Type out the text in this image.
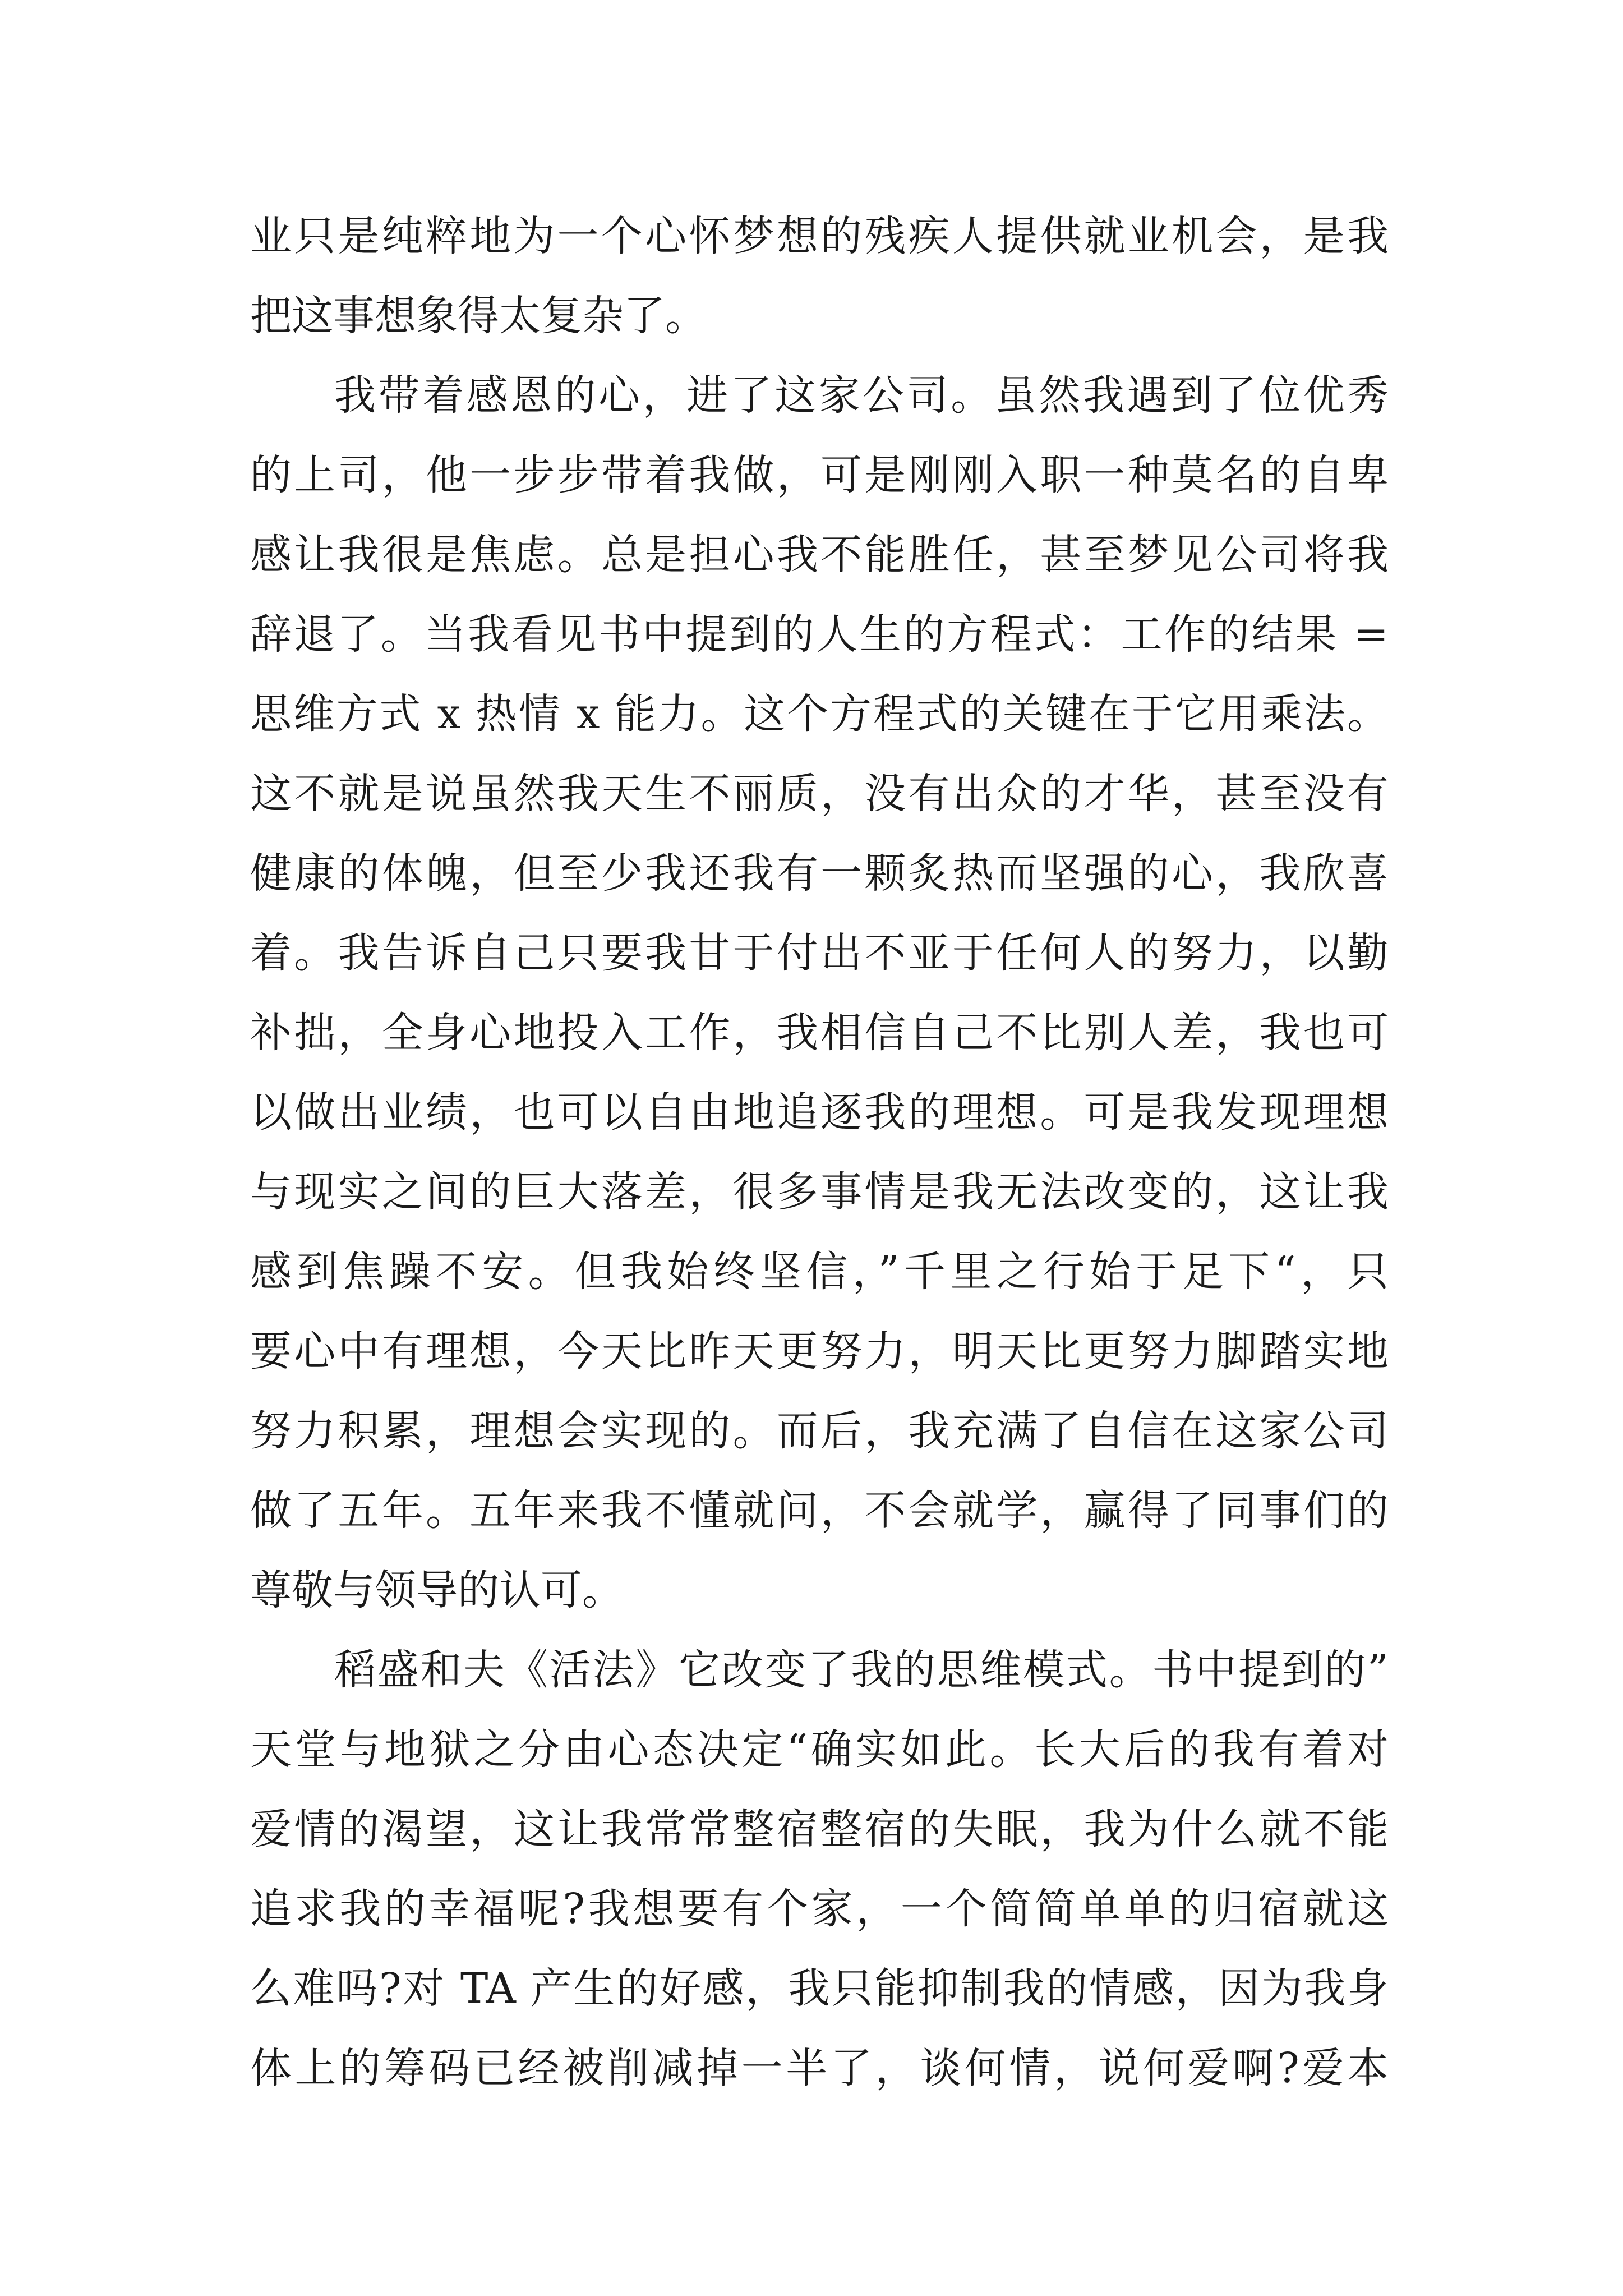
业只是纯粹地为一个心怀梦想的残疾人提供就业机会，是我
把这事想象得太复杂了。
我带着感恩的心，进了这家公司。虽然我遇到了位优秀
的上司，他一步步带着我做，可是刚刚入职一种莫名的自卑
感让我很是焦虑。总是担心我不能胜任，甚至梦见公司将我
辞退了。当我看见书中提到的人生的方程式：工作的结果 =
思维方式 x 热情 x 能力。这个方程式的关键在于它用乘法。
这不就是说虽然我天生不丽质，没有出众的才华，甚至没有
健康的体魄，但至少我还我有一颗炙热而坚强的心，我欣喜
着。我告诉自己只要我甘于付出不亚于任何人的努力，以勤
补拙，全身心地投入工作，我相信自己不比别人差，我也可
以做出业绩，也可以自由地追逐我的理想。可是我发现理想
与现实之间的巨大落差，很多事情是我无法改变的，这让我
感到焦躁不安。但我始终坚信，”千里之行始于足下“，只
要心中有理想，今天比昨天更努力，明天比更努力脚踏实地
努力积累，理想会实现的。而后，我充满了自信在这家公司
做了五年。五年来我不懂就问，不会就学，赢得了同事们的
尊敬与领导的认可。
稻盛和夫《活法》它改变了我的思维模式。书中提到的”
天堂与地狱之分由心态决定“确实如此。长大后的我有着对
爱情的渴望，这让我常常整宿整宿的失眠，我为什么就不能
追求我的幸福呢?我想要有个家，一个简简单单的归宿就这
么难吗?对 TA 产生的好感，我只能抑制我的情感，因为我身
体上的筹码已经被削减掉一半了，谈何情，说何爱啊?爱本
